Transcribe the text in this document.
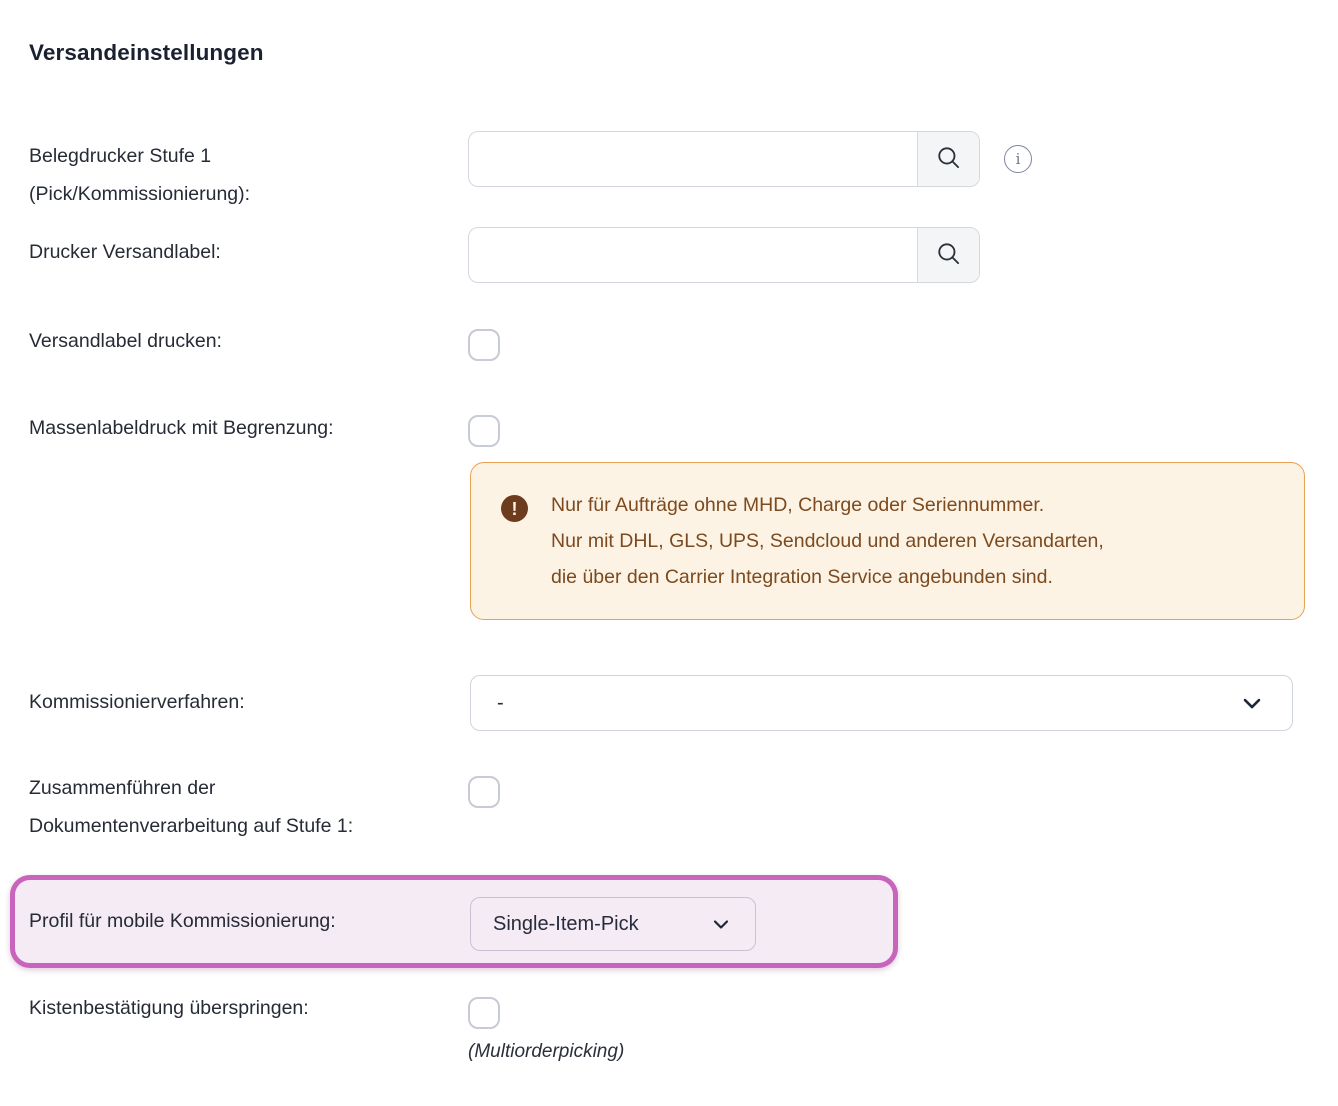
Versandeinstellungen
Belegdrucker Stufe 1 (Pick/Kommissionierung):
i
Drucker Versandlabel:
Versandlabel drucken:
Massenlabeldruck mit Begrenzung:
!	Nur für Aufträge ohne MHD, Charge oder Seriennummer.
Nur mit DHL, GLS, UPS, Sendcloud und anderen Versandarten,
die über den Carrier Integration Service angebunden sind.
Kommissionierverfahren:	-
Zusammenführen der Dokumentenverarbeitung auf Stufe 1:
Profil für mobile Kommissionierung:	Single-Item-Pick
Kistenbestätigung überspringen:
(Multiorderpicking)
